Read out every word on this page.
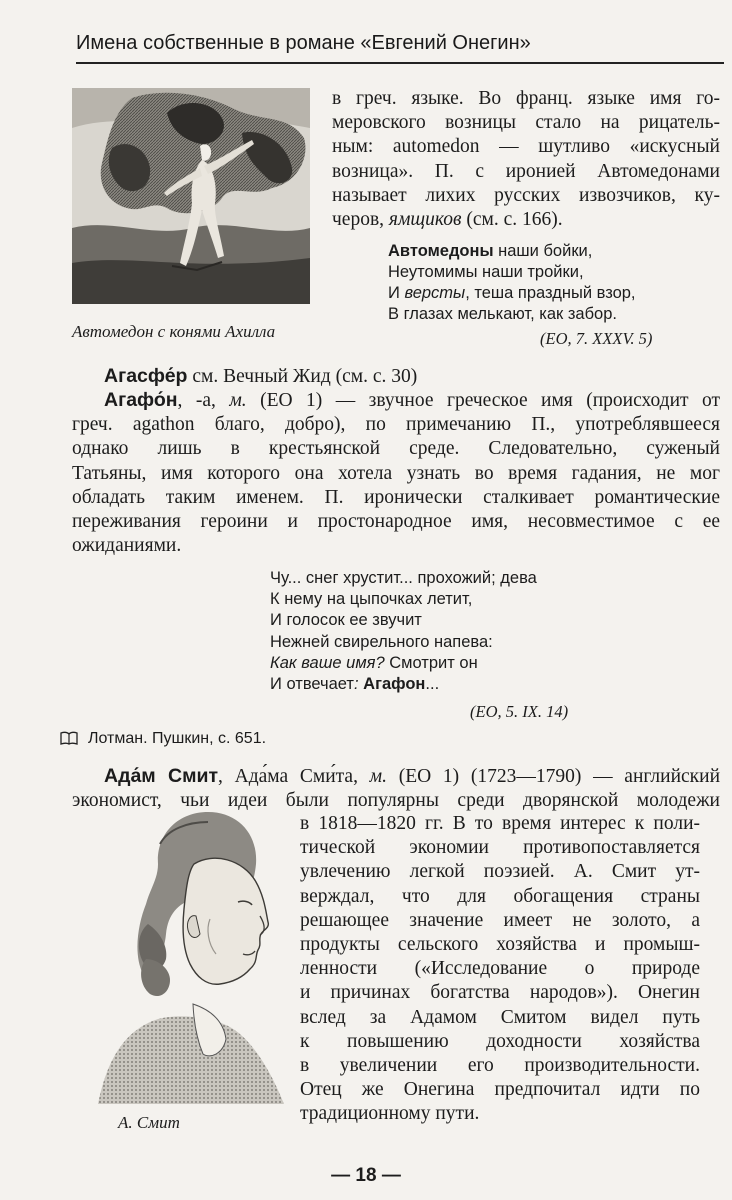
Имена собственные в романе «Евгений Онегин»
Автомедон с конями Ахилла
в греч. языке. Во франц. языке имя го-
меровского возницы стало на рицатель-
ным: automedon — шутливо «искусный
возница». П. с иронией Автомедонами
называет лихих русских извозчиков, ку-
черов, ямщиков (см. с. 166).
Автомедоны наши бойки,
Неутомимы наши тройки,
И версты, теша праздный взор,
В глазах мелькают, как забор.
(ЕО, 7. XXXV. 5)
Агасфе́р см. Вечный Жид (см. с. 30)
Агафо́н, -а, м. (ЕО 1) — звучное греческое имя (происходит от
греч. agathon благо, добро), по примечанию П., употреблявшееся
однако лишь в крестьянской среде. Следовательно, суженый
Татьяны, имя которого она хотела узнать во время гадания, не мог
обладать таким именем. П. иронически сталкивает романтические
переживания героини и простонародное имя, несовместимое с ее
ожиданиями.
Чу... снег хрустит... прохожий; дева
К нему на цыпочках летит,
И голосок ее звучит
Нежней свирельного напева:
Как ваше имя? Смотрит он
И отвечает: Агафон...
(ЕО, 5. IX. 14)
Лотман. Пушкин, с. 651.
Ада́м Смит, Ада́ма Сми́та, м. (ЕО 1) (1723—1790) — английский
экономист, чьи идеи были популярны среди дворянской молодежи
в 1818—1820 гг. В то время интерес к поли-
тической экономии противопоставляется
увлечению легкой поэзией. А. Смит ут-
верждал, что для обогащения страны
решающее значение имеет не золото, а
продукты сельского хозяйства и промыш-
ленности («Исследование о природе
и причинах богатства народов»). Онегин
вслед за Адамом Смитом видел путь
к повышению доходности хозяйства
в увеличении его производительности.
Отец же Онегина предпочитал идти по
традиционному пути.
А. Смит
— 18 —
